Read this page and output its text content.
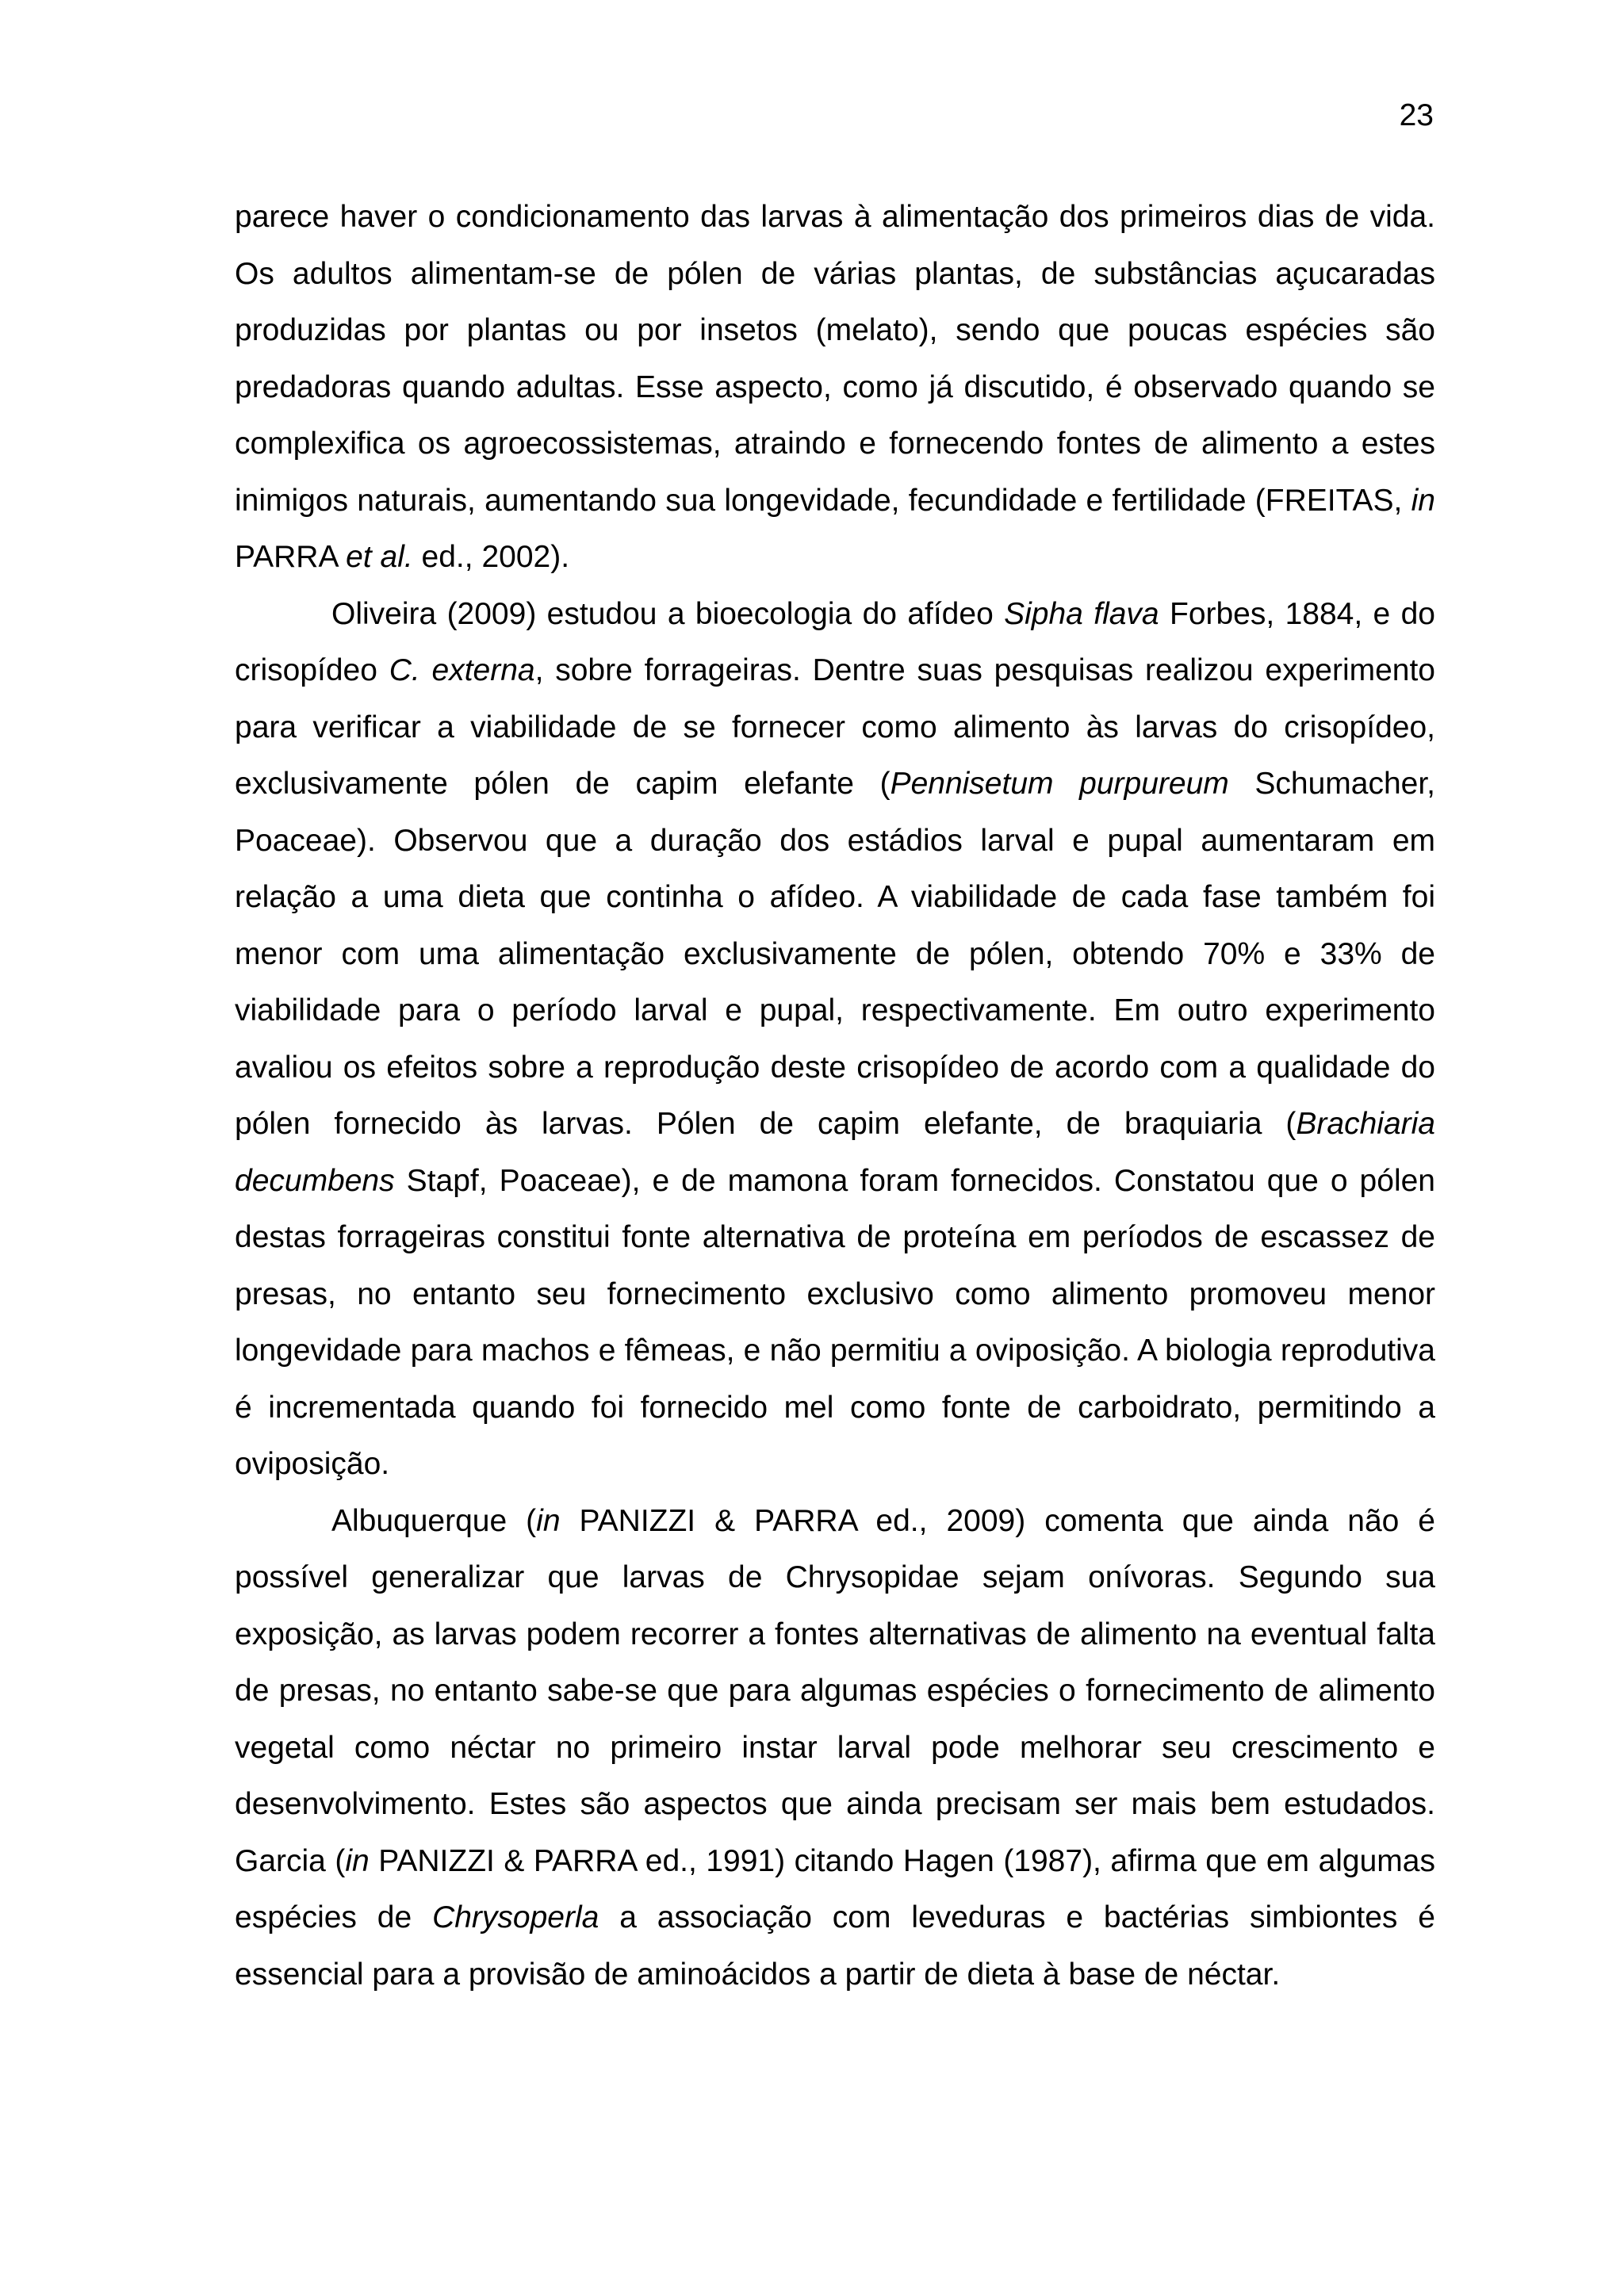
23

parece haver o condicionamento das larvas à alimentação dos primeiros dias de vida. Os adultos alimentam-se de pólen de várias plantas, de substâncias açucaradas produzidas por plantas ou por insetos (melato), sendo que poucas espécies são predadoras quando adultas. Esse aspecto, como já discutido, é observado quando se complexifica os agroecossistemas, atraindo e fornecendo fontes de alimento a estes inimigos naturais, aumentando sua longevidade, fecundidade e fertilidade (FREITAS, in PARRA et al. ed., 2002).

Oliveira (2009) estudou a bioecologia do afídeo Sipha flava Forbes, 1884, e do crisopídeo C. externa, sobre forrageiras. Dentre suas pesquisas realizou experimento para verificar a viabilidade de se fornecer como alimento às larvas do crisopídeo, exclusivamente pólen de capim elefante (Pennisetum purpureum Schumacher, Poaceae). Observou que a duração dos estádios larval e pupal aumentaram em relação a uma dieta que continha o afídeo. A viabilidade de cada fase também foi menor com uma alimentação exclusivamente de pólen, obtendo 70% e 33% de viabilidade para o período larval e pupal, respectivamente. Em outro experimento avaliou os efeitos sobre a reprodução deste crisopídeo de acordo com a qualidade do pólen fornecido às larvas. Pólen de capim elefante, de braquiaria (Brachiaria decumbens Stapf, Poaceae), e de mamona foram fornecidos. Constatou que o pólen destas forrageiras constitui fonte alternativa de proteína em períodos de escassez de presas, no entanto seu fornecimento exclusivo como alimento promoveu menor longevidade para machos e fêmeas, e não permitiu a oviposição. A biologia reprodutiva é incrementada quando foi fornecido mel como fonte de carboidrato, permitindo a oviposição.

Albuquerque (in PANIZZI & PARRA ed., 2009) comenta que ainda não é possível generalizar que larvas de Chrysopidae sejam onívoras. Segundo sua exposição, as larvas podem recorrer a fontes alternativas de alimento na eventual falta de presas, no entanto sabe-se que para algumas espécies o fornecimento de alimento vegetal como néctar no primeiro instar larval pode melhorar seu crescimento e desenvolvimento. Estes são aspectos que ainda precisam ser mais bem estudados. Garcia (in PANIZZI & PARRA ed., 1991) citando Hagen (1987), afirma que em algumas espécies de Chrysoperla a associação com leveduras e bactérias simbiontes é essencial para a provisão de aminoácidos a partir de dieta à base de néctar.
